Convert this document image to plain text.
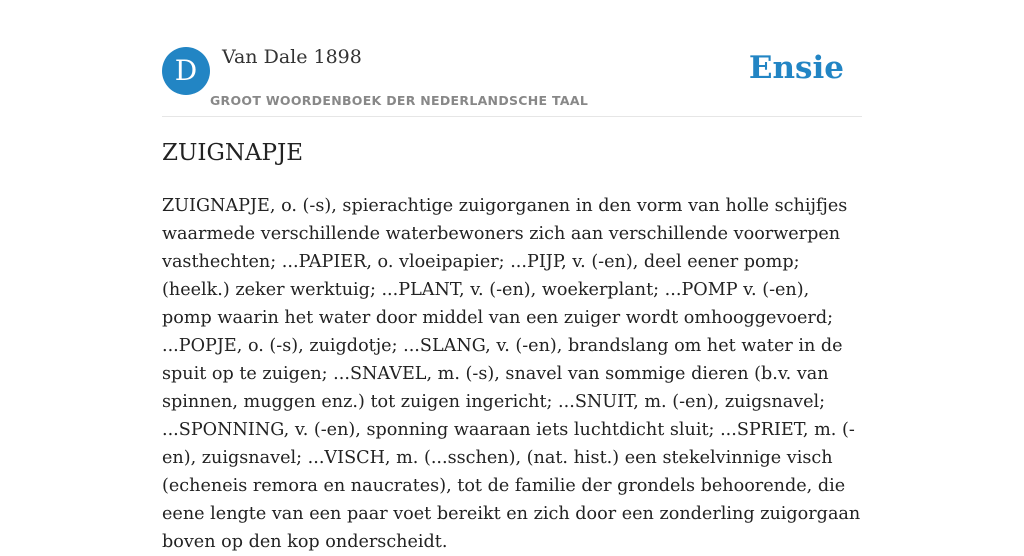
D	Van Dale 1898
GROOT WOORDENBOEK DER NEDERLANDSCHE TAAL
Ensie
ZUIGNAPJE

ZUIGNAPJE, o. (-s), spierachtige zuigorganen in den vorm van holle schijfjes waarmede verschillende waterbewoners zich aan verschillende voorwerpen vasthechten; ...PAPIER, o. vloeipapier; ...PIJP, v. (-en), deel eener pomp; (heelk.) zeker werktuig; ...PLANT, v. (-en), woekerplant; ...POMP v. (-en), pomp waarin het water door middel van een zuiger wordt omhooggevoerd; ...POPJE, o. (-s), zuigdotje; ...SLANG, v. (-en), brandslang om het water in de spuit op te zuigen; ...SNAVEL, m. (-s), snavel van sommige dieren (b.v. van spinnen, muggen enz.) tot zuigen ingericht; ...SNUIT, m. (-en), zuigsnavel; ...SPONNING, v. (-en), sponning waaraan iets luchtdicht sluit; ...SPRIET, m. (-en), zuigsnavel; ...VISCH, m. (...sschen), (nat. hist.) een stekelvinnige visch (echeneis remora en naucrates), tot de familie der grondels behoorende, die eene lengte van een paar voet bereikt en zich door een zonderling zuigorgaan boven op den kop onderscheidt.
